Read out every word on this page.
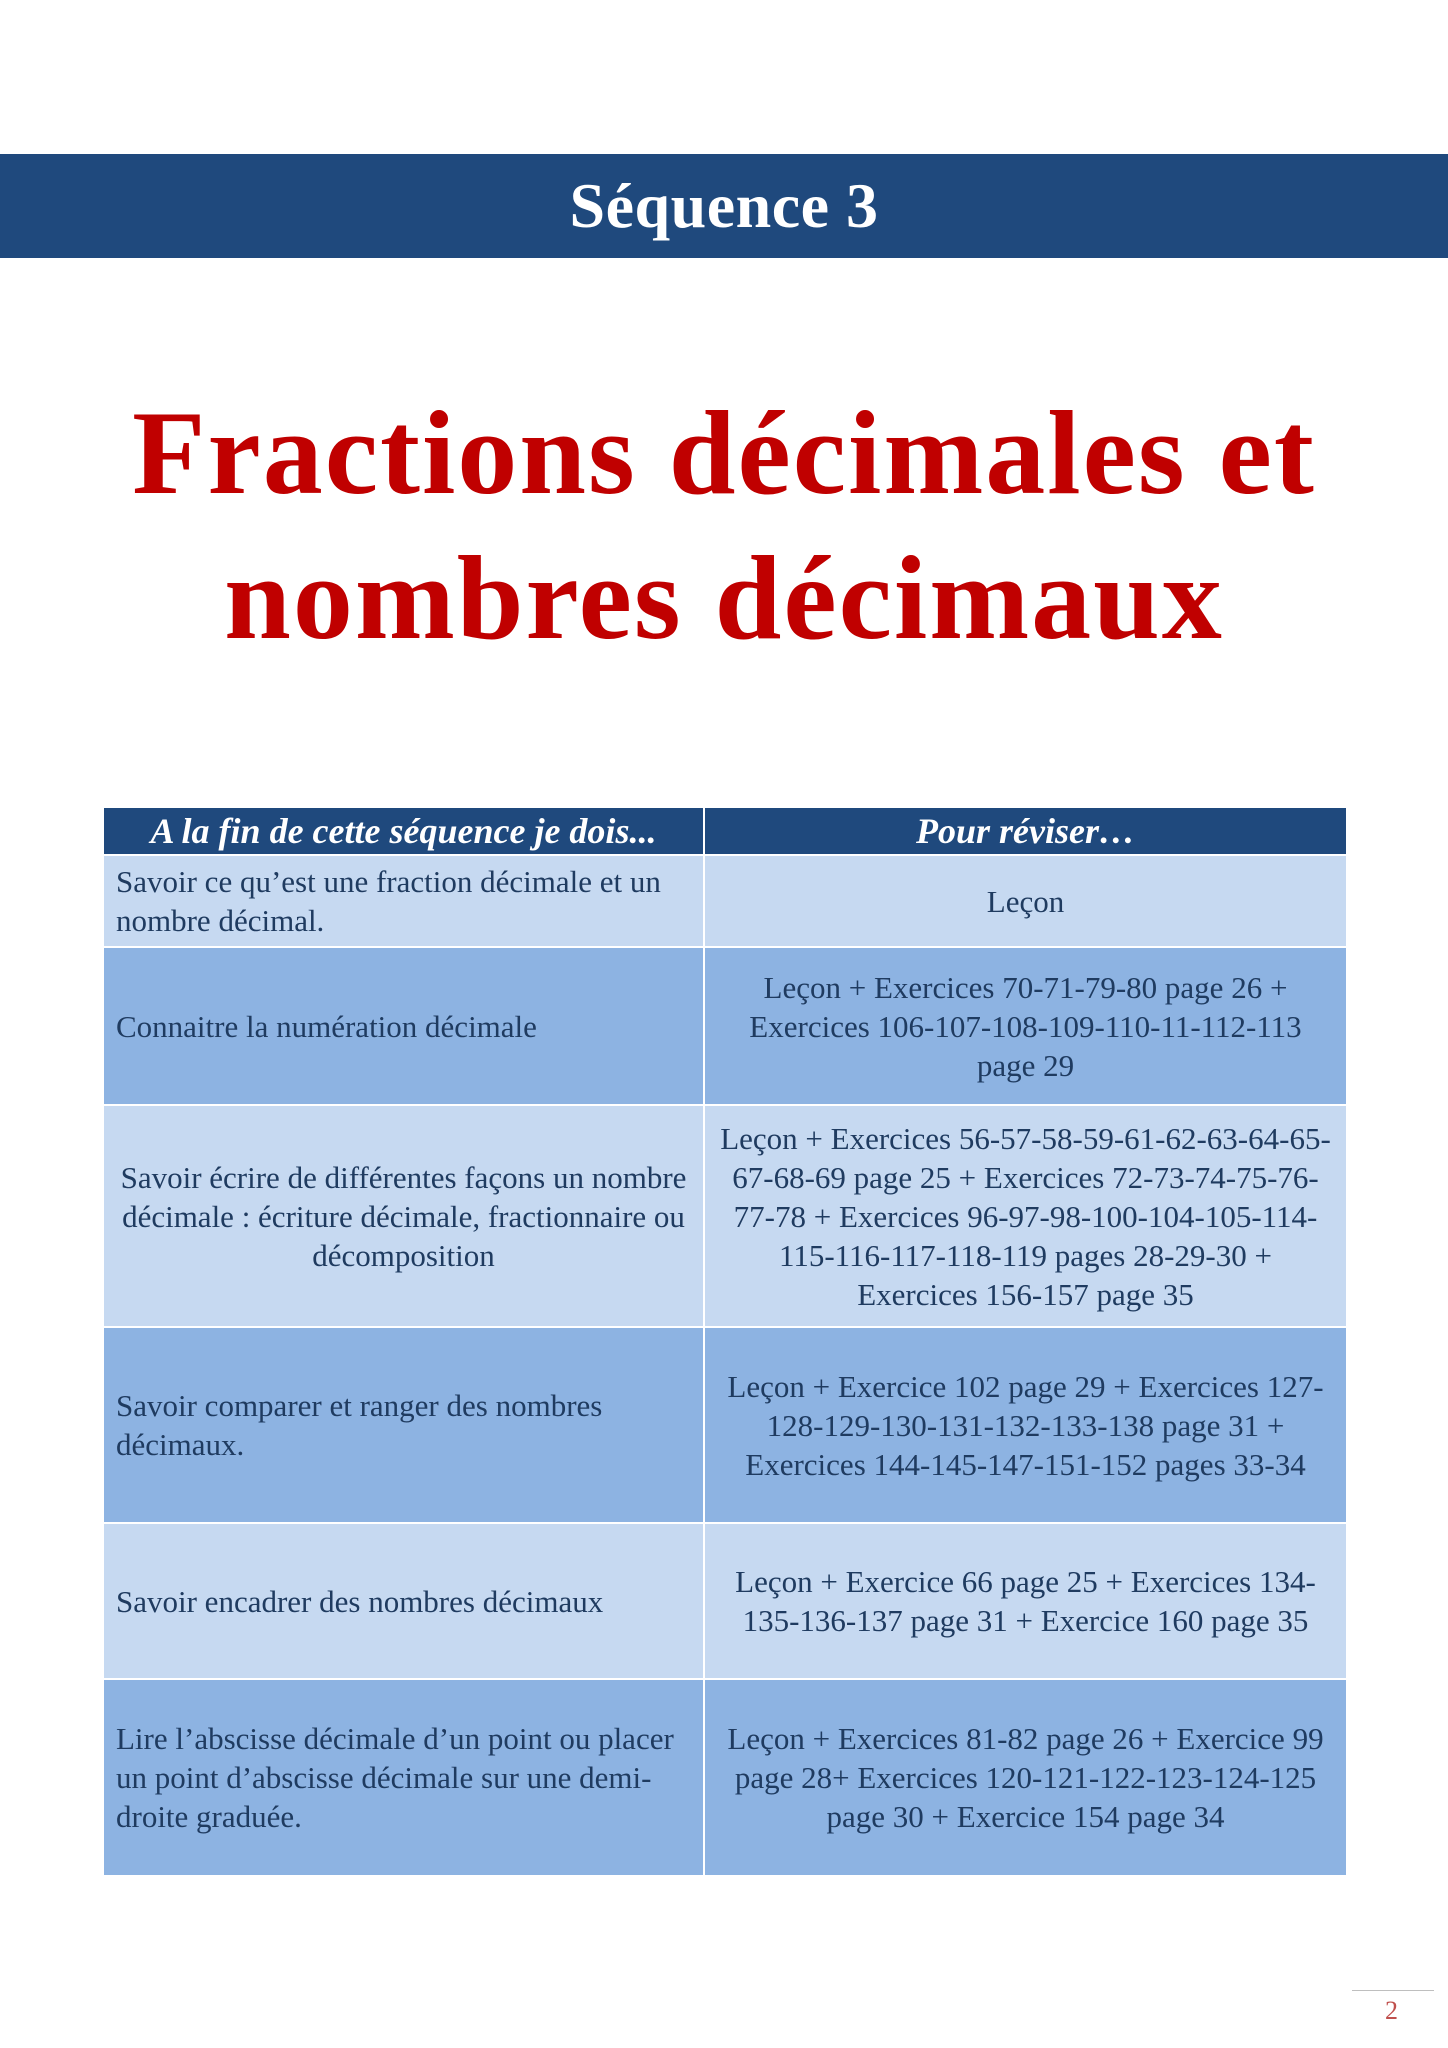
Séquence 3
Fractions décimales et
nombres décimaux
A la fin de cette séquence je dois...	Pour réviser…
Savoir ce qu’est une fraction décimale et un nombre décimal.	Leçon
Connaitre la numération décimale	Leçon + Exercices 70-71-79-80 page 26 + Exercices 106-107-108-109-110-11-112-113 page 29
Savoir écrire de différentes façons un nombre décimale : écriture décimale, fractionnaire ou décomposition	Leçon + Exercices 56-57-58-59-61-62-63-64-65-67-68-69 page 25 + Exercices 72-73-74-75-76-77-78 + Exercices 96-97-98-100-104-105-114-115-116-117-118-119 pages 28-29-30 + Exercices 156-157 page 35
Savoir comparer et ranger des nombres décimaux.	Leçon + Exercice 102 page 29 + Exercices 127-128-129-130-131-132-133-138 page 31 + Exercices 144-145-147-151-152 pages 33-34
Savoir encadrer des nombres décimaux	Leçon + Exercice 66 page 25 + Exercices 134-135-136-137 page 31 + Exercice 160 page 35
Lire l’abscisse décimale d’un point ou placer un point d’abscisse décimale sur une demi-droite graduée.	Leçon + Exercices 81-82 page 26 + Exercice 99 page 28+ Exercices 120-121-122-123-124-125 page 30 + Exercice 154 page 34
2
